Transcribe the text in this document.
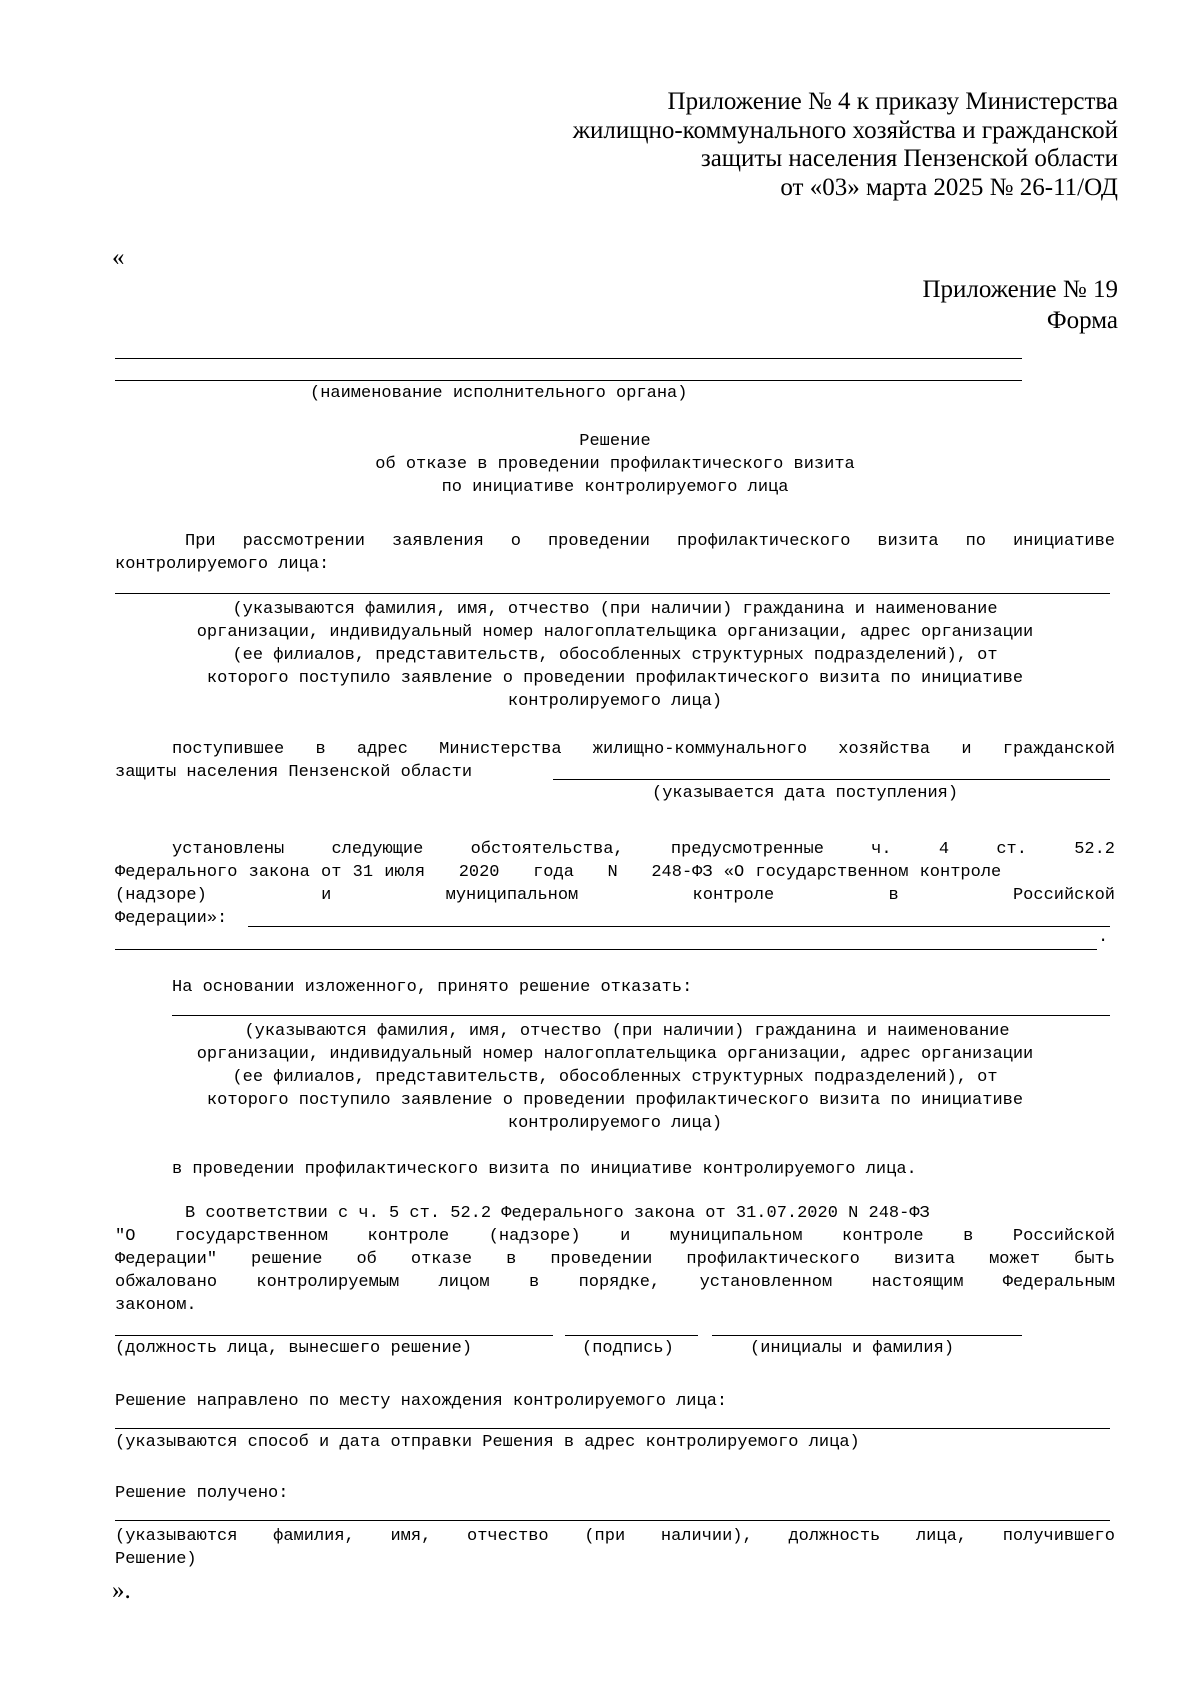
Приложение № 4 к приказу Министерства
жилищно-коммунального хозяйства и гражданской
защиты населения Пензенской области
от «03» марта 2025 № 26-11/ОД
«
Приложение № 19
Форма
(наименование исполнительного органа)
Решение
об отказе в проведении профилактического визита
по инициативе контролируемого лица
При рассмотрении заявления о проведении профилактического визита по инициативе
контролируемого лица:
(указываются фамилия, имя, отчество (при наличии) гражданина и наименование
организации, индивидуальный номер налогоплательщика организации, адрес организации
(ее филиалов, представительств, обособленных структурных подразделений), от
которого поступило заявление о проведении профилактического визита по инициативе
контролируемого лица)
поступившее в адрес Министерства жилищно-коммунального хозяйства и гражданской
защиты населения Пензенской области
(указывается дата поступления)
установлены	следующие	обстоятельства,	предусмотренные	ч.	4	ст.	52.2
Федерального закона от 31 июля 2020 года N 248-ФЗ «О государственном контроле
(надзоре)	и	муниципальном	контроле	в	Российской
Федерации»:
.
На основании изложенного, принято решение отказать:
(указываются фамилия, имя, отчество (при наличии) гражданина и наименование
организации, индивидуальный номер налогоплательщика организации, адрес организации
(ее филиалов, представительств, обособленных структурных подразделений), от
которого поступило заявление о проведении профилактического визита по инициативе
контролируемого лица)
в проведении профилактического визита по инициативе контролируемого лица.
В соответствии с ч. 5 ст. 52.2 Федерального закона от 31.07.2020 N 248-ФЗ
"О государственном контроле (надзоре) и муниципальном контроле в Российской
Федерации" решение об отказе в проведении профилактического визита может быть
обжаловано контролируемым лицом в порядке, установленном настоящим Федеральным
законом.
(должность лица, вынесшего решение)	(подпись)	(инициалы и фамилия)
Решение направлено по месту нахождения контролируемого лица:
(указываются способ и дата отправки Решения в адрес контролируемого лица)
Решение получено:
(указываются фамилия, имя, отчество (при наличии), должность лица, получившего
Решение)
».
